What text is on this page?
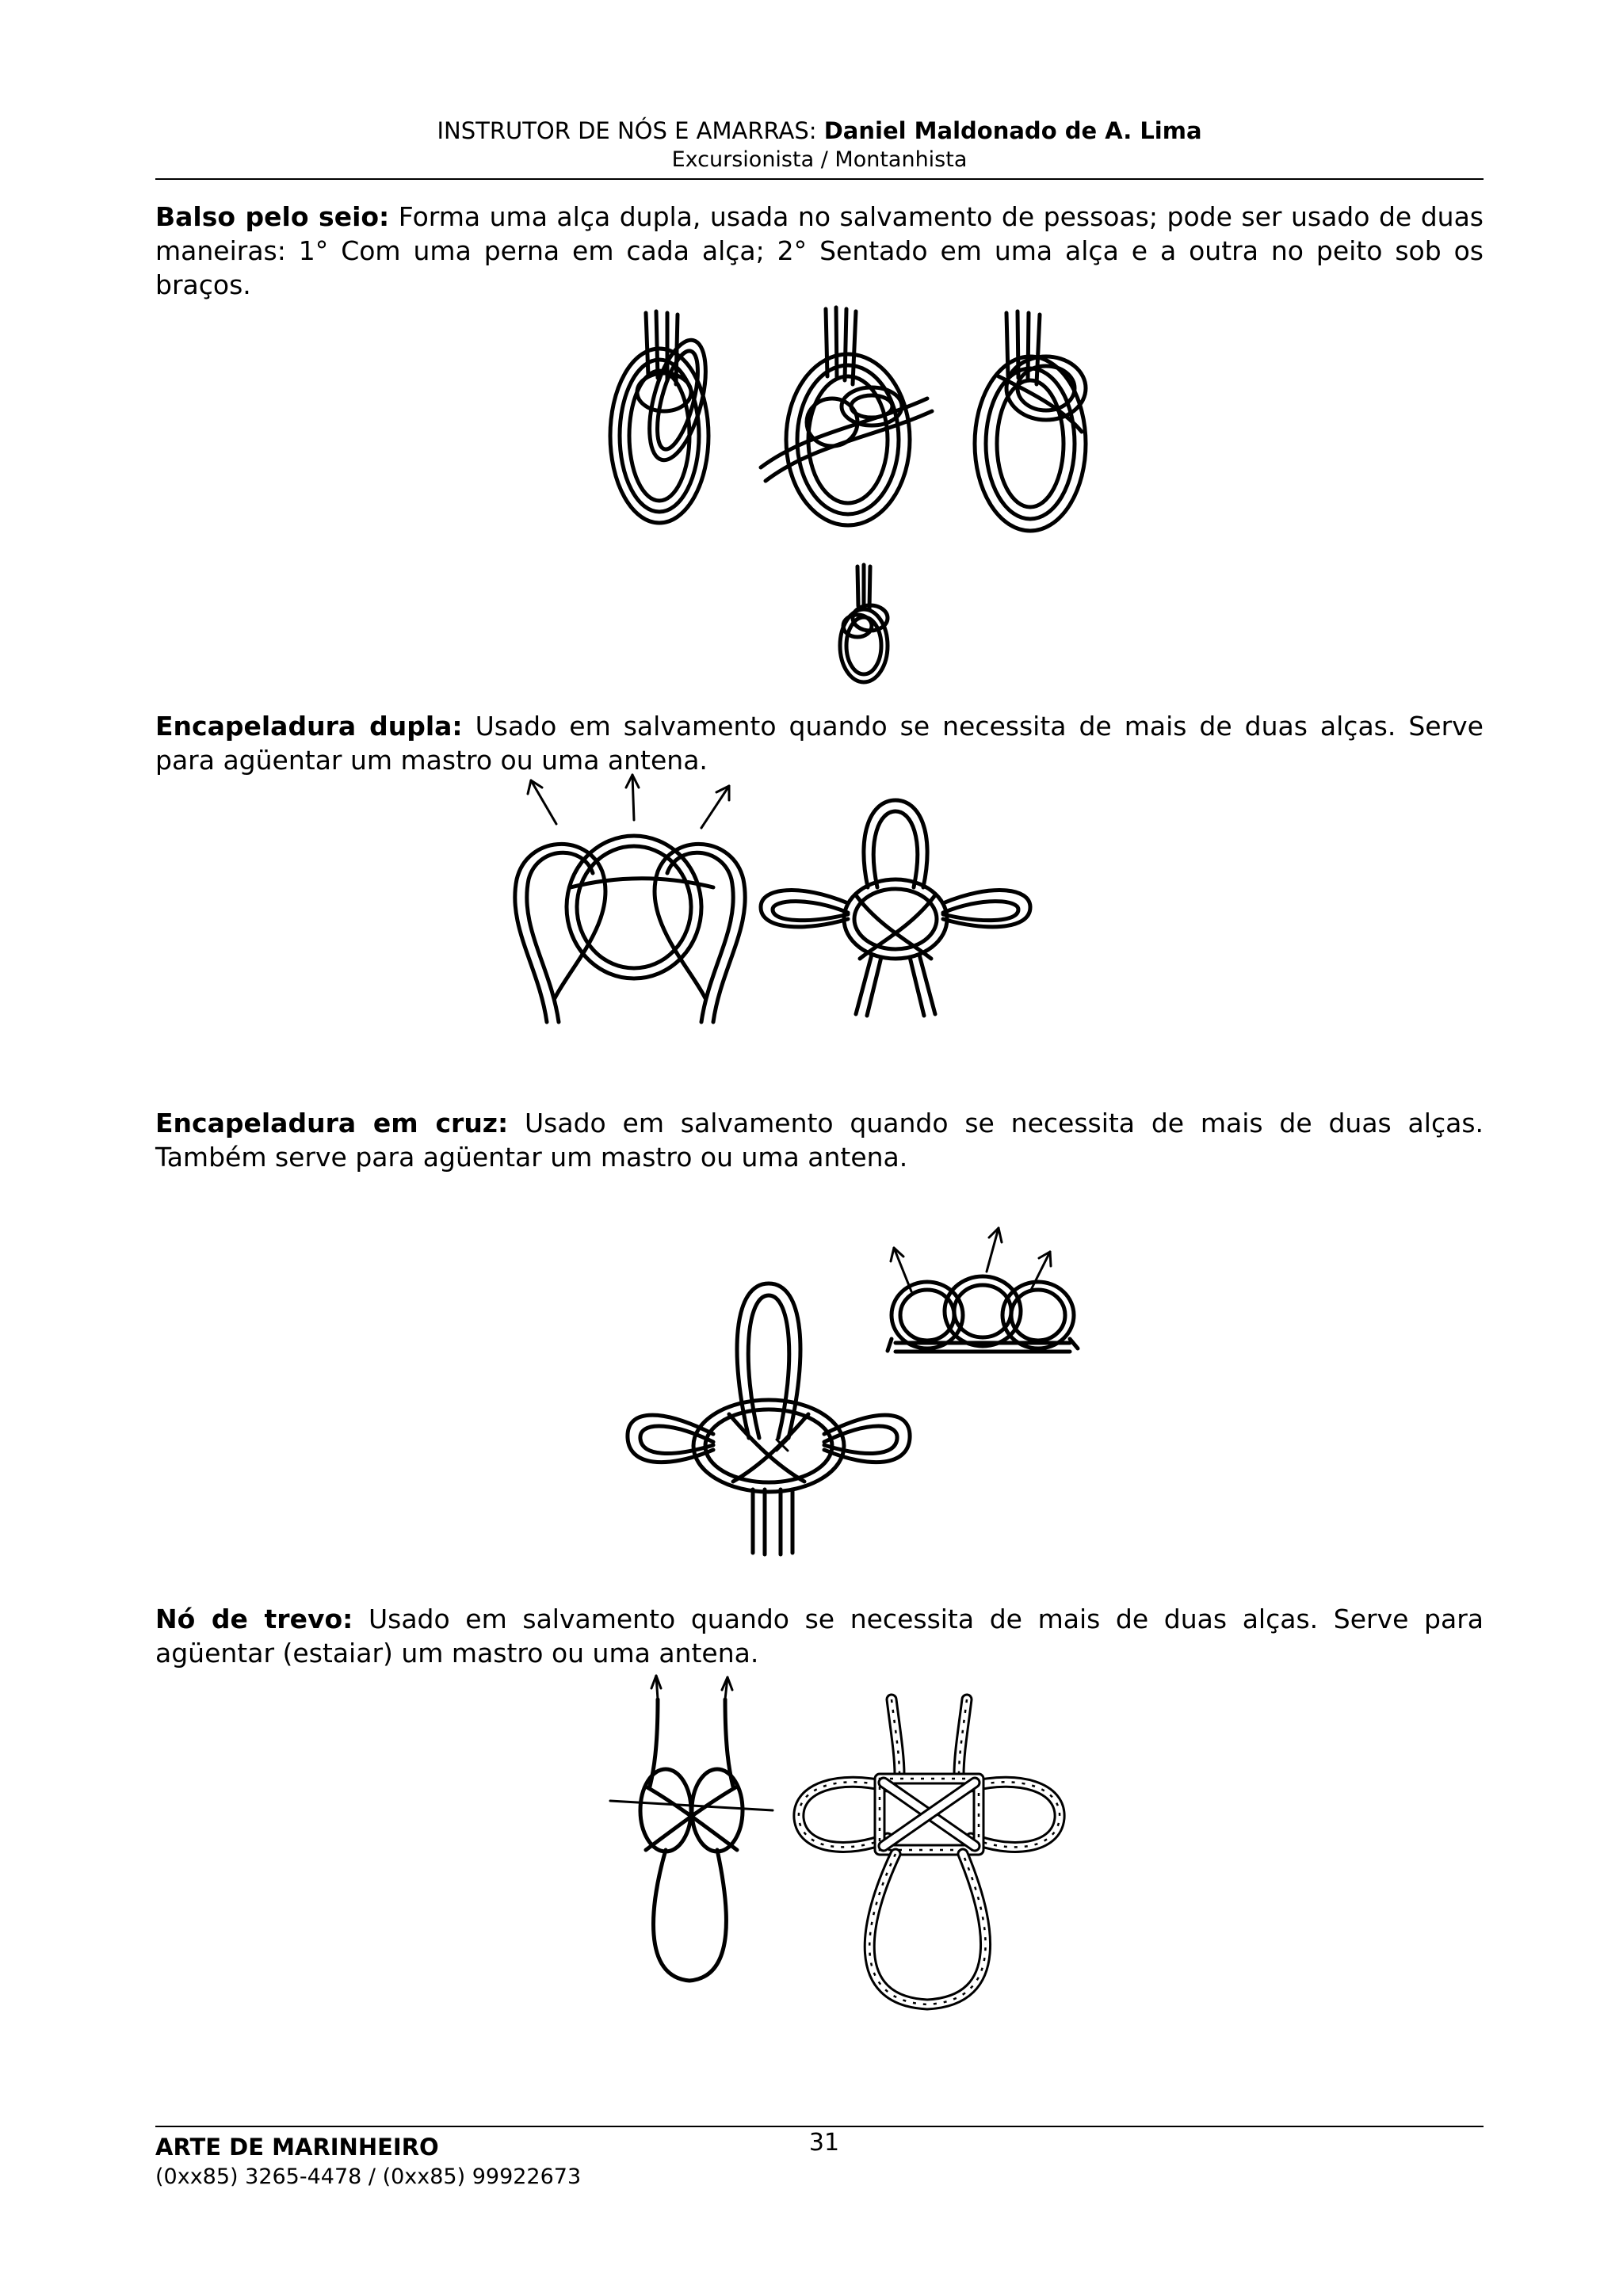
INSTRUTOR DE NÓS E AMARRAS: Daniel Maldonado de A. Lima
Excursionista / Montanhista

Balso pelo seio: Forma uma alça dupla, usada no salvamento de pessoas; pode ser usado de duas maneiras: 1° Com uma perna em cada alça; 2° Sentado em uma alça e a outra no peito sob os braços.

Encapeladura dupla: Usado em salvamento quando se necessita de mais de duas alças. Serve para agüentar um mastro ou uma antena.

Encapeladura em cruz: Usado em salvamento quando se necessita de mais de duas alças. Também serve para agüentar um mastro ou uma antena.

Nó de trevo: Usado em salvamento quando se necessita de mais de duas alças. Serve para agüentar (estaiar) um mastro ou uma antena.

ARTE DE MARINHEIRO
(0xx85) 3265-4478 / (0xx85) 99922673
31
